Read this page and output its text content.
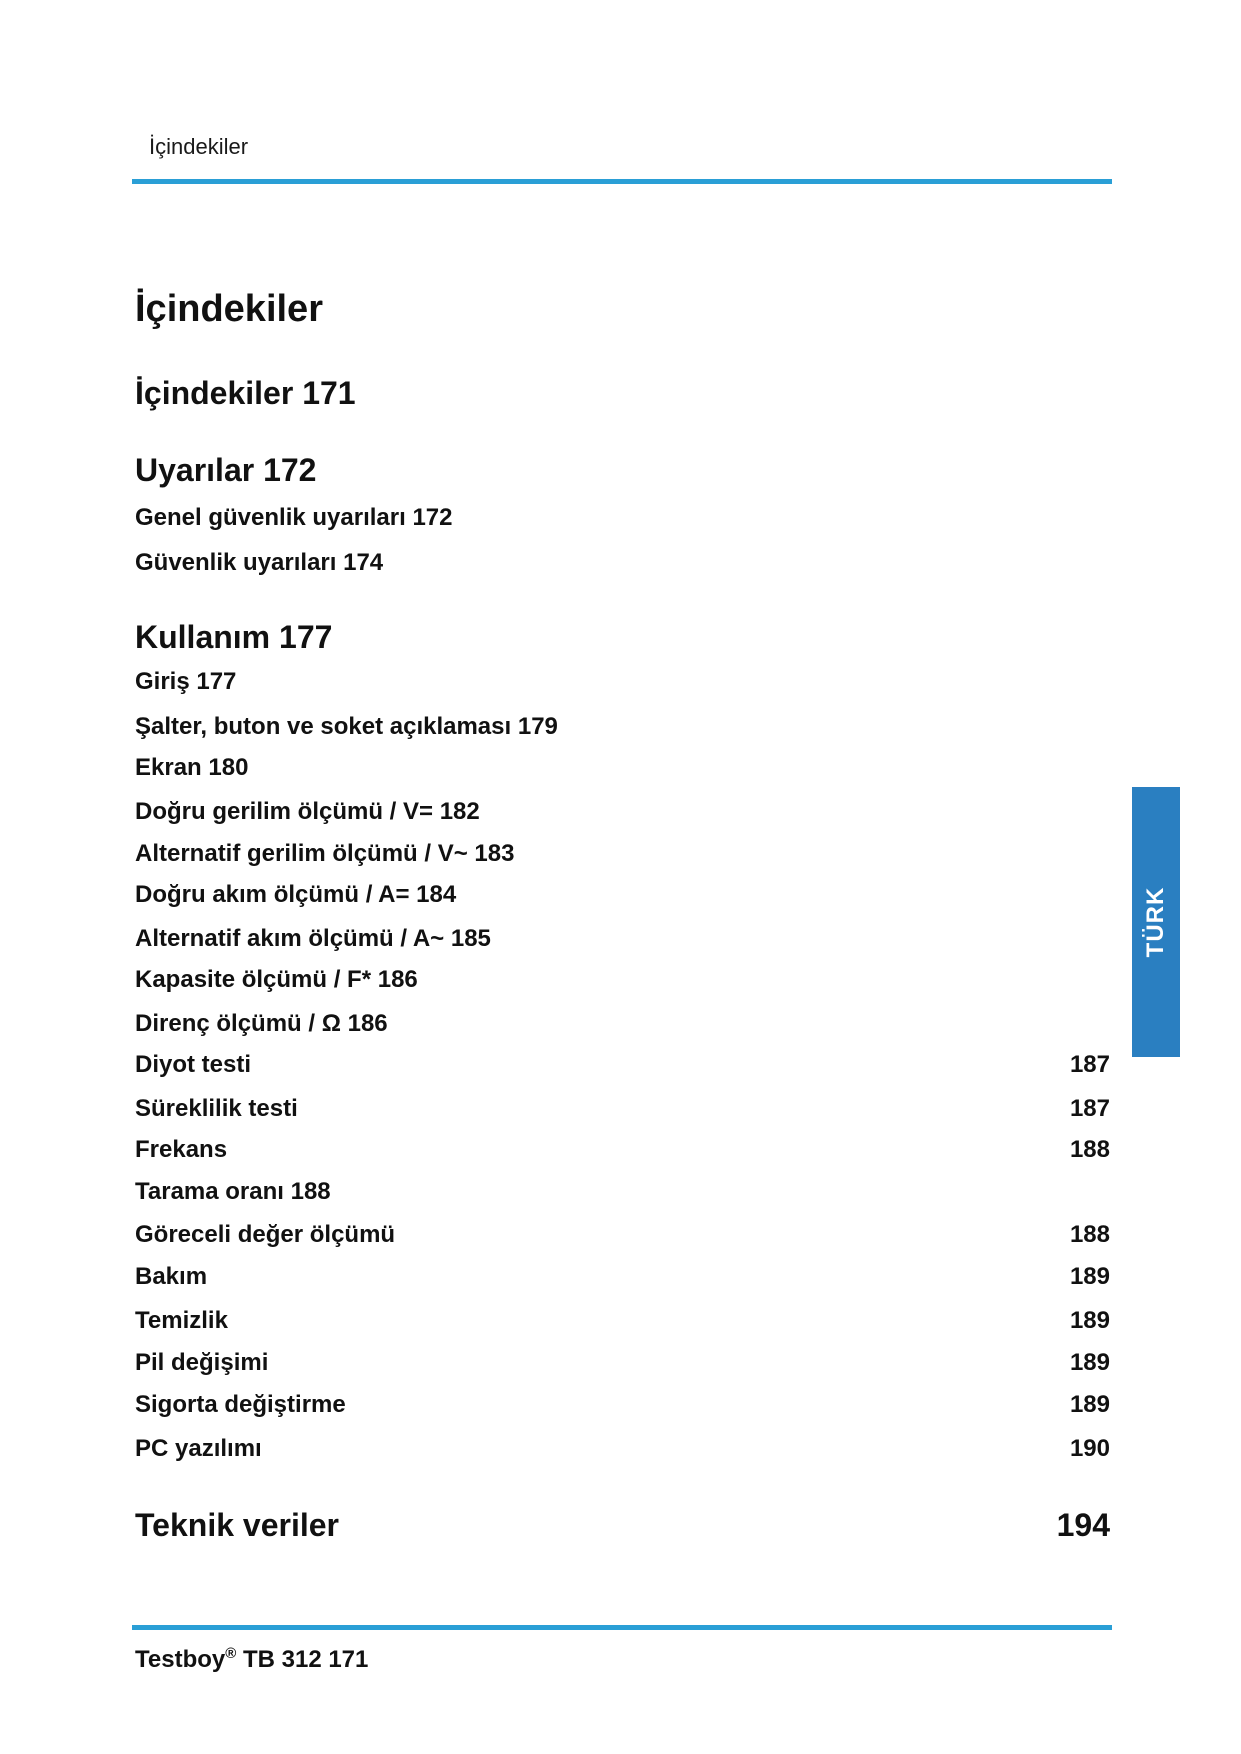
İçindekiler
İçindekiler
İçindekiler 171
Uyarılar 172
Genel güvenlik uyarıları 172
Güvenlik uyarıları 174
Kullanım 177
Giriş 177
Şalter, buton ve soket açıklaması 179
Ekran 180
Doğru gerilim ölçümü / V= 182
Alternatif gerilim ölçümü / V~ 183
Doğru akım ölçümü / A= 184
Alternatif akım ölçümü / A~ 185
Kapasite ölçümü / F* 186
Direnç ölçümü / Ω 186
Diyot testi	187
Süreklilik testi	187
Frekans	188
Tarama oranı 188
Göreceli değer ölçümü	188
Bakım	189
Temizlik	189
Pil değişimi	189
Sigorta değiştirme	189
PC yazılımı	190
Teknik veriler	194
TÜRK
Testboy® TB 312 171
